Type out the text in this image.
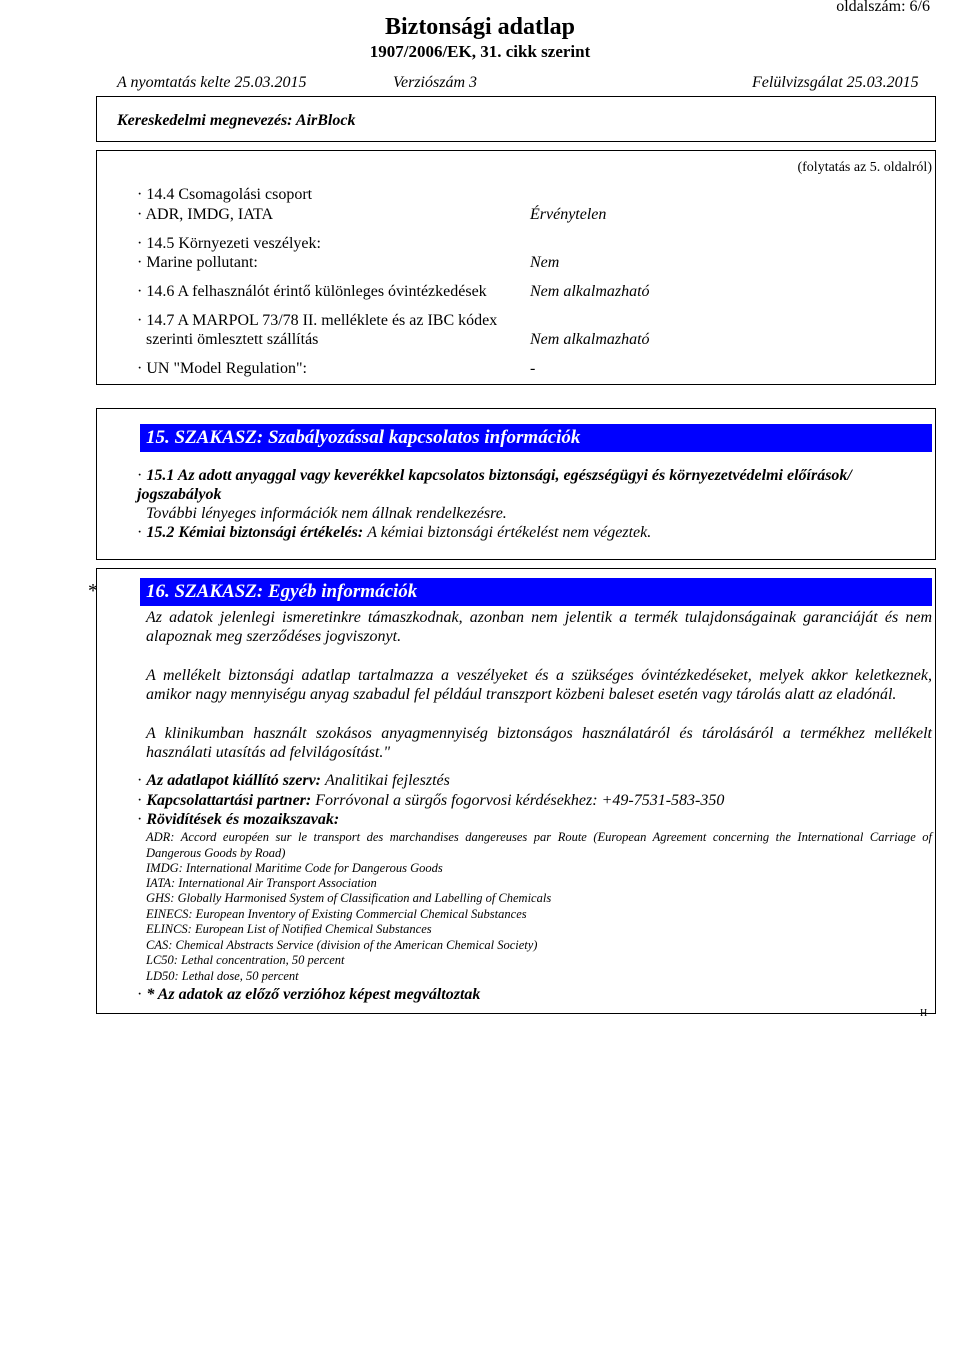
oldalszám: 6/6
Biztonsági adatlap
1907/2006/EK, 31. cikk szerint
A nyomtatás kelte 25.03.2015	Verziószám 3	Felülvizsgálat 25.03.2015
Kereskedelmi megnevezés: AirBlock
(folytatás az 5. oldalról)
· 14.4 Csomagolási csoport
· ADR, IMDG, IATA	Érvénytelen
· 14.5 Környezeti veszélyek:
· Marine pollutant:	Nem
· 14.6 A felhasználót érintő különleges óvintézkedések	Nem alkalmazható
· 14.7 A MARPOL 73/78 II. melléklete és az IBC kódex
szerinti ömlesztett szállítás	Nem alkalmazható
· UN "Model Regulation":	-
15. SZAKASZ: Szabályozással kapcsolatos információk
· 15.1 Az adott anyaggal vagy keverékkel kapcsolatos biztonsági, egészségügyi és környezetvédelmi előírások/ jogszabályok
További lényeges információk nem állnak rendelkezésre.
· 15.2 Kémiai biztonsági értékelés: A kémiai biztonsági értékelést nem végeztek.
*	16. SZAKASZ: Egyéb információk
Az adatok jelenlegi ismeretinkre támaszkodnak, azonban nem jelentik a termék tulajdonságainak garanciáját és nem alapoznak meg szerződéses jogviszonyt.
A mellékelt biztonsági adatlap tartalmazza a veszélyeket és a szükséges óvintézkedéseket, melyek akkor keletkeznek, amikor nagy mennyiségu anyag szabadul fel például transzport közbeni baleset esetén vagy tárolás alatt az eladónál.
A klinikumban használt szokásos anyagmennyiség biztonságos használatáról és tárolásáról a termékhez mellékelt használati utasítás ad felvilágosítást."
· Az adatlapot kiállító szerv: Analitikai fejlesztés
· Kapcsolattartási partner: Forróvonal a sürgős fogorvosi kérdésekhez: +49-7531-583-350
· Rövidítések és mozaikszavak:
ADR: Accord européen sur le transport des marchandises dangereuses par Route (European Agreement concerning the International Carriage of Dangerous Goods by Road)
IMDG: International Maritime Code for Dangerous Goods
IATA: International Air Transport Association
GHS: Globally Harmonised System of Classification and Labelling of Chemicals
EINECS: European Inventory of Existing Commercial Chemical Substances
ELINCS: European List of Notified Chemical Substances
CAS: Chemical Abstracts Service (division of the American Chemical Society)
LC50: Lethal concentration, 50 percent
LD50: Lethal dose, 50 percent
· * Az adatok az előző verzióhoz képest megváltoztak
H
